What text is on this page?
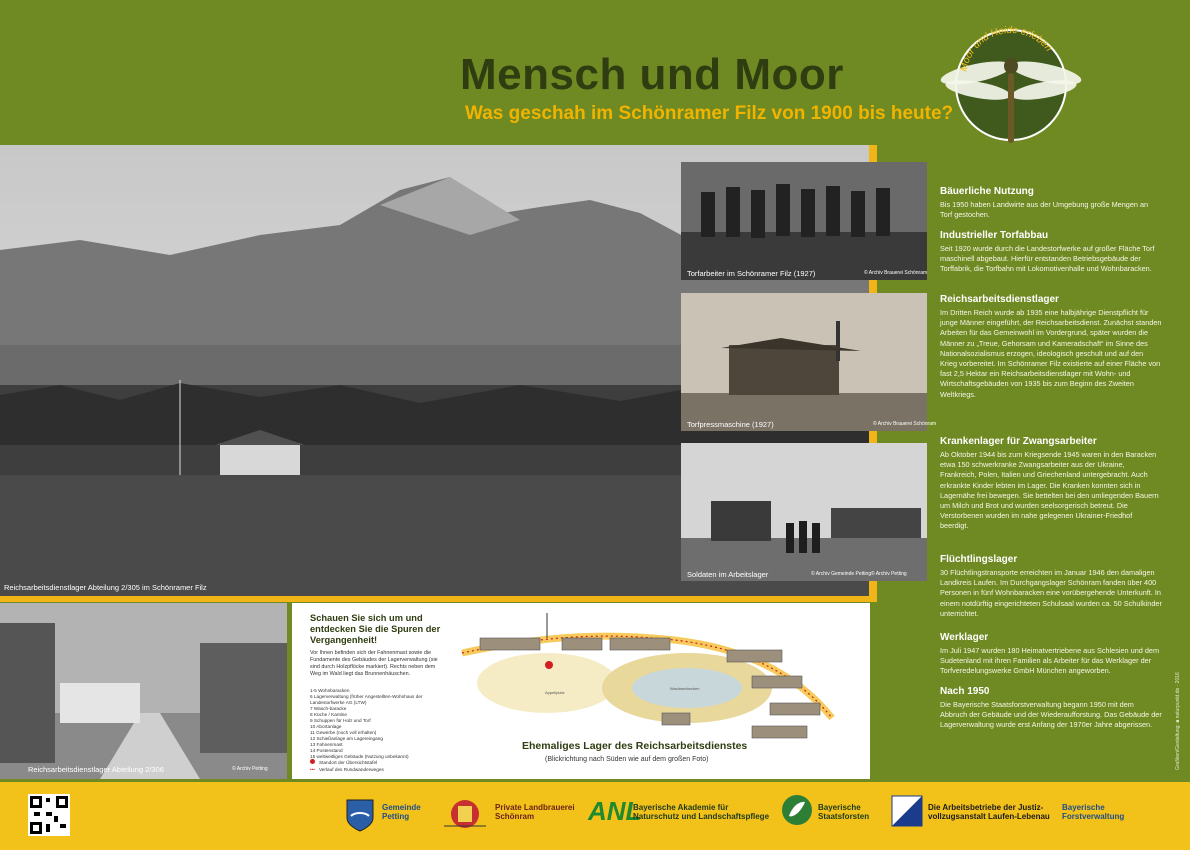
Mensch und Moor
Was geschah im Schönramer Filz von 1900 bis heute?
Moor und Heide erleben
Reichsarbeitsdienstlager Abteilung 2/305 im Schönramer Filz
Torfarbeiter im Schönramer Filz (1927)	© Archiv Brauerei Schönram
Torfpressmaschine (1927)	© Archiv Brauerei Schönram
Soldaten im Arbeitslager	© Archiv Gemeinde Petting © Archiv Petting
Reichsarbeitsdienstlager Abteilung 2/306	© Archiv Petting
Schauen Sie sich um und entdecken Sie die Spuren der Vergangenheit!
Vor Ihnen befinden sich der Fahnenmast sowie die Fundamente des Gebäudes der Lagerverwaltung (sie sind durch Holzpflöcke markiert). Rechts neben dem Weg im Wald liegt das Brunnenhäuschen.
1-5 Wohnbaracken
6 Lagerverwaltung (früher Angestellten-Wohnhaus der Landestorfwerke AG (LTW)
7 Wasch-baracke
8 Küche / Kantine
9 Schuppen für Holz und Torf
10 Abortanlage
11 Gewerbe (noch voll erhalten)
12 Schießanlage am Lagereingang
13 Fahnenmast
14 Postenstand
15 weltweitliges Gebäude (Nutzung unbekannt)
Standort der Übersichtstafel
••• Verlauf des Rundwanderweges
Appellplatz
Wachsenbecken
Ehemaliges Lager des Reichsarbeitsdienstes
(Blickrichtung nach Süden wie auf dem großen Foto)
Bäuerliche Nutzung

Bis 1950 haben Landwirte aus der Umgebung große Mengen an Torf gestochen.

Industrieller Torfabbau

Seit 1920 wurde durch die Landestorfwerke auf großer Fläche Torf maschinell abgebaut. Hierfür entstanden Betriebsgebäude der Torffabrik, die Torfbahn mit Lokomotivenhalle und Wohnbaracken.

Reichsarbeitsdienstlager

Im Dritten Reich wurde ab 1935 eine halbjährige Dienstpflicht für junge Männer eingeführt, der Reichsarbeitsdienst. Zunächst standen Arbeiten für das Gemeinwohl im Vordergrund, später wurden die Männer zu „Treue, Gehorsam und Kameradschaft“ im Sinne des Nationalsozialismus erzogen, ideologisch geschult und auf den Krieg vorbereitet. Im Schönramer Filz existierte auf einer Fläche von fast 2,5 Hektar ein Reichsarbeitsdienstlager mit Wohn- und Wirtschaftsgebäuden von 1935 bis zum Beginn des Zweiten Weltkriegs.

Krankenlager für Zwangsarbeiter

Ab Oktober 1944 bis zum Kriegsende 1945 waren in den Baracken etwa 150 schwerkranke Zwangsarbeiter aus der Ukraine, Frankreich, Polen, Italien und Griechenland untergebracht. Auch erkrankte Kinder lebten im Lager. Die Kranken konnten sich in Lagernähe frei bewegen. Sie bettelten bei den umliegenden Bauern um Milch und Brot und wurden seelsorgerisch betreut. Die Verstorbenen wurden im nahe gelegenen Ukrainer-Friedhof beerdigt.

Flüchtlingslager

30 Flüchtlingstransporte erreichten im Januar 1946 den damaligen Landkreis Laufen. Im Durchgangslager Schönram fanden über 400 Personen in fünf Wohnbaracken eine vorübergehende Unterkunft. In einem notdürftig eingerichteten Schulsaal wurden ca. 50 Schulkinder unterrichtet.

Werklager

Im Juli 1947 wurden 180 Heimatvertriebene aus Schlesien und dem Sudetenland mit ihren Familien als Arbeiter für das Werklager der Torfveredelungswerke GmbH München angeworben.

Nach 1950

Die Bayerische Staatsforstverwaltung begann 1950 mit dem Abbruch der Gebäude und der Wiederaufforstung. Das Gebäude der Lagerverwaltung wurde erst Anfang der 1970er Jahre abgerissen.	Grafiken/Gestaltung: ■ naturpunkt.de · 2016
Gemeinde
Petting
Private Landbrauerei
Schönram	ANL
Bayerische Akademie für
Naturschutz und Landschaftspflege
Bayerische
Staatsforsten
Die Arbeitsbetriebe der Justiz-
vollzugsanstalt Laufen-Lebenau
Bayerische
Forstverwaltung
